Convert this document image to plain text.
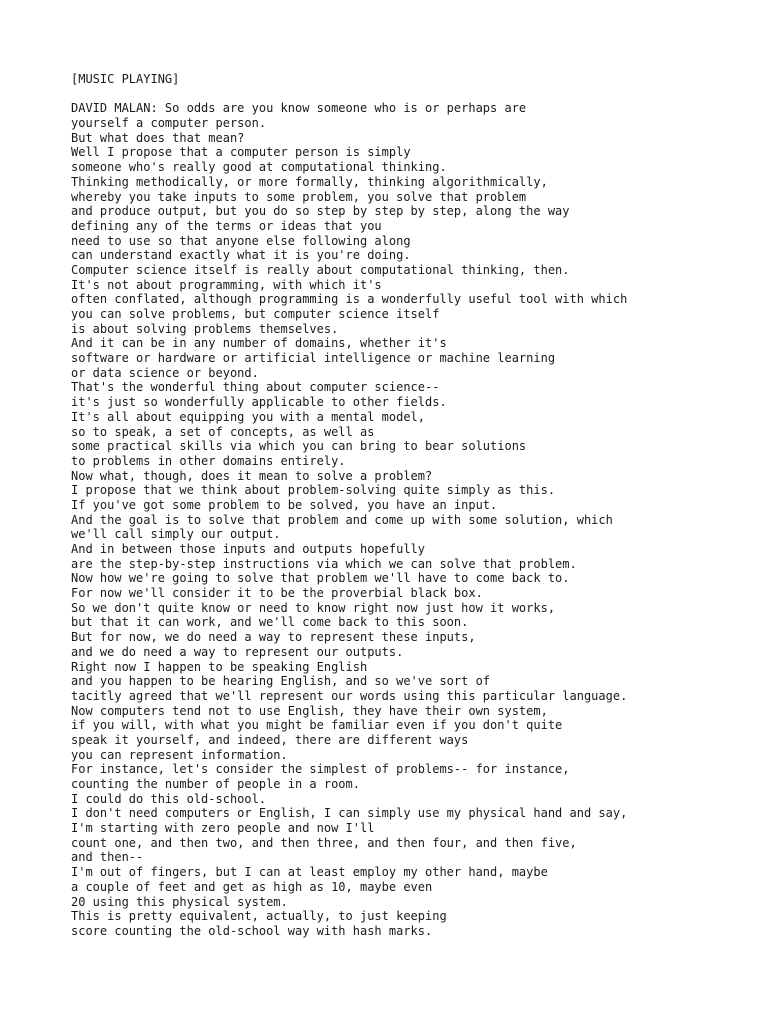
[MUSIC PLAYING]
DAVID MALAN: So odds are you know someone who is or perhaps are
yourself a computer person.
But what does that mean?
Well I propose that a computer person is simply
someone who's really good at computational thinking.
Thinking methodically, or more formally, thinking algorithmically,
whereby you take inputs to some problem, you solve that problem
and produce output, but you do so step by step by step, along the way
defining any of the terms or ideas that you
need to use so that anyone else following along
can understand exactly what it is you're doing.
Computer science itself is really about computational thinking, then.
It's not about programming, with which it's
often conflated, although programming is a wonderfully useful tool with which
you can solve problems, but computer science itself
is about solving problems themselves.
And it can be in any number of domains, whether it's
software or hardware or artificial intelligence or machine learning
or data science or beyond.
That's the wonderful thing about computer science--
it's just so wonderfully applicable to other fields.
It's all about equipping you with a mental model,
so to speak, a set of concepts, as well as
some practical skills via which you can bring to bear solutions
to problems in other domains entirely.
Now what, though, does it mean to solve a problem?
I propose that we think about problem-solving quite simply as this.
If you've got some problem to be solved, you have an input.
And the goal is to solve that problem and come up with some solution, which
we'll call simply our output.
And in between those inputs and outputs hopefully
are the step-by-step instructions via which we can solve that problem.
Now how we're going to solve that problem we'll have to come back to.
For now we'll consider it to be the proverbial black box.
So we don't quite know or need to know right now just how it works,
but that it can work, and we'll come back to this soon.
But for now, we do need a way to represent these inputs,
and we do need a way to represent our outputs.
Right now I happen to be speaking English
and you happen to be hearing English, and so we've sort of
tacitly agreed that we'll represent our words using this particular language.
Now computers tend not to use English, they have their own system,
if you will, with what you might be familiar even if you don't quite
speak it yourself, and indeed, there are different ways
you can represent information.
For instance, let's consider the simplest of problems-- for instance,
counting the number of people in a room.
I could do this old-school.
I don't need computers or English, I can simply use my physical hand and say,
I'm starting with zero people and now I'll
count one, and then two, and then three, and then four, and then five,
and then--
I'm out of fingers, but I can at least employ my other hand, maybe
a couple of feet and get as high as 10, maybe even
20 using this physical system.
This is pretty equivalent, actually, to just keeping
score counting the old-school way with hash marks.
